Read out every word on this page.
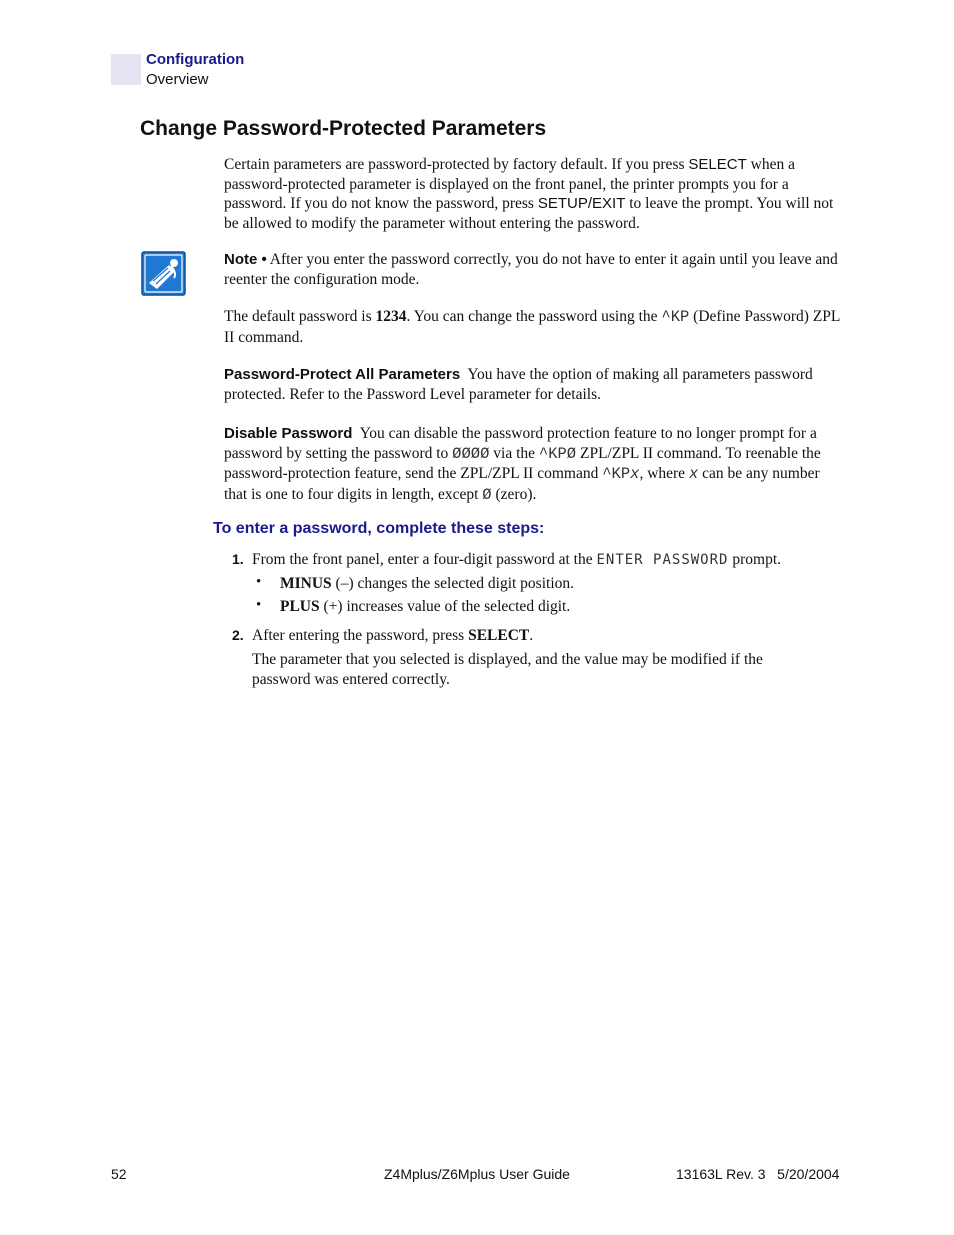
Configuration
Overview
Change Password-Protected Parameters

Certain parameters are password-protected by factory default. If you press SELECT when a password-protected parameter is displayed on the front panel, the printer prompts you for a password. If you do not know the password, press SETUP/EXIT to leave the prompt. You will not be allowed to modify the parameter without entering the password.

Note • After you enter the password correctly, you do not have to enter it again until you leave and reenter the configuration mode.

The default password is 1234. You can change the password using the ^KP (Define Password) ZPL II command.

Password-Protect All Parameters  You have the option of making all parameters password protected. Refer to the Password Level parameter for details.

Disable Password  You can disable the password protection feature to no longer prompt for a password by setting the password to ØØØØ via the ^KPØ ZPL/ZPL II command. To reenable the password-protection feature, send the ZPL/ZPL II command ^KPx, where x can be any number that is one to four digits in length, except Ø (zero).

To enter a password, complete these steps:
1. From the front panel, enter a four-digit password at the ENTER PASSWORD prompt.

• MINUS (–) changes the selected digit position.
• PLUS (+) increases value of the selected digit.
2. After entering the password, press SELECT.

The parameter that you selected is displayed, and the value may be modified if the password was entered correctly.

52	Z4Mplus/Z6Mplus User Guide	13163L Rev. 3   5/20/2004
